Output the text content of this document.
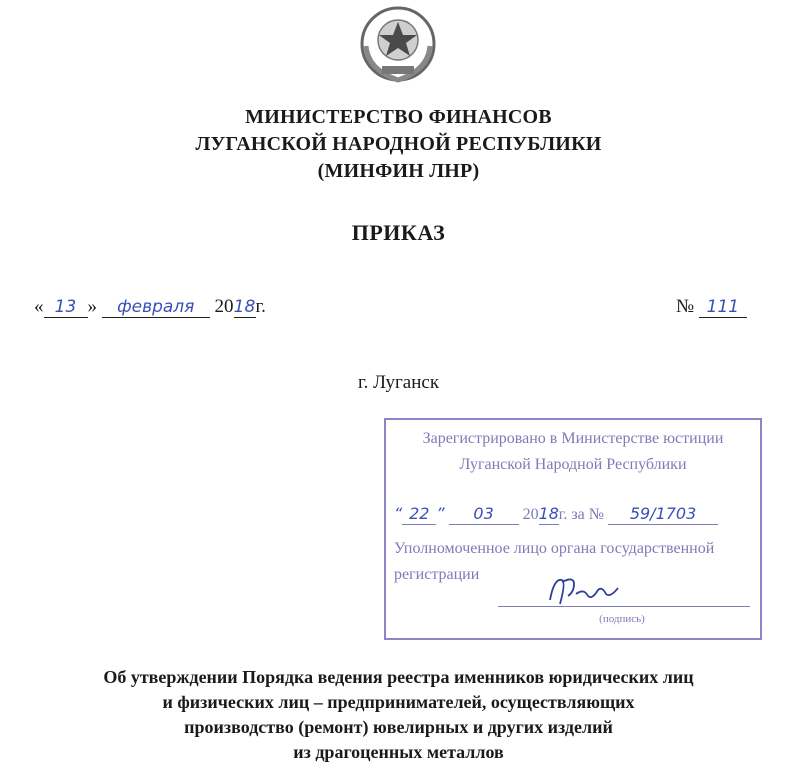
МИНИСТЕРСТВО ФИНАНСОВ
ЛУГАНСКОЙ НАРОДНОЙ РЕСПУБЛИКИ
(МИНФИН ЛНР)
ПРИКАЗ
« 13 » февраля 2018г.	№ 111
г. Луганск
Зарегистрировано в Министерстве юстиции
Луганской Народной Республики
“ 22 ” 03 2018г. за № 59/1703
Уполномоченное лицо органа государственной
регистрации
(подпись)
Об утверждении Порядка ведения реестра именников юридических лиц
и физических лиц – предпринимателей, осуществляющих
производство (ремонт) ювелирных и других изделий
из драгоценных металлов
